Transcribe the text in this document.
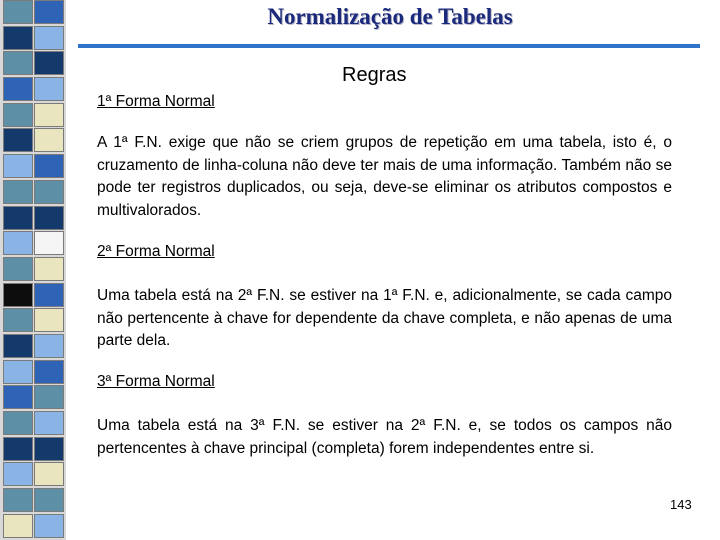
Normalização de Tabelas
Regras
1ª Forma Normal

A 1ª F.N. exige que não se criem grupos de repetição em uma tabela, isto é, o cruzamento de linha-coluna não deve ter mais de uma informação. Também não se pode ter registros duplicados, ou seja, deve-se eliminar os atributos compostos e multivalorados.

2ª Forma Normal

Uma tabela está na 2ª F.N. se estiver na 1ª F.N. e, adicionalmente, se cada campo não pertencente à chave for dependente da chave completa, e não apenas de uma parte dela.

3ª Forma Normal

Uma tabela está na 3ª F.N. se estiver na 2ª F.N. e, se todos os campos não pertencentes à chave principal (completa) forem independentes entre si.

143
